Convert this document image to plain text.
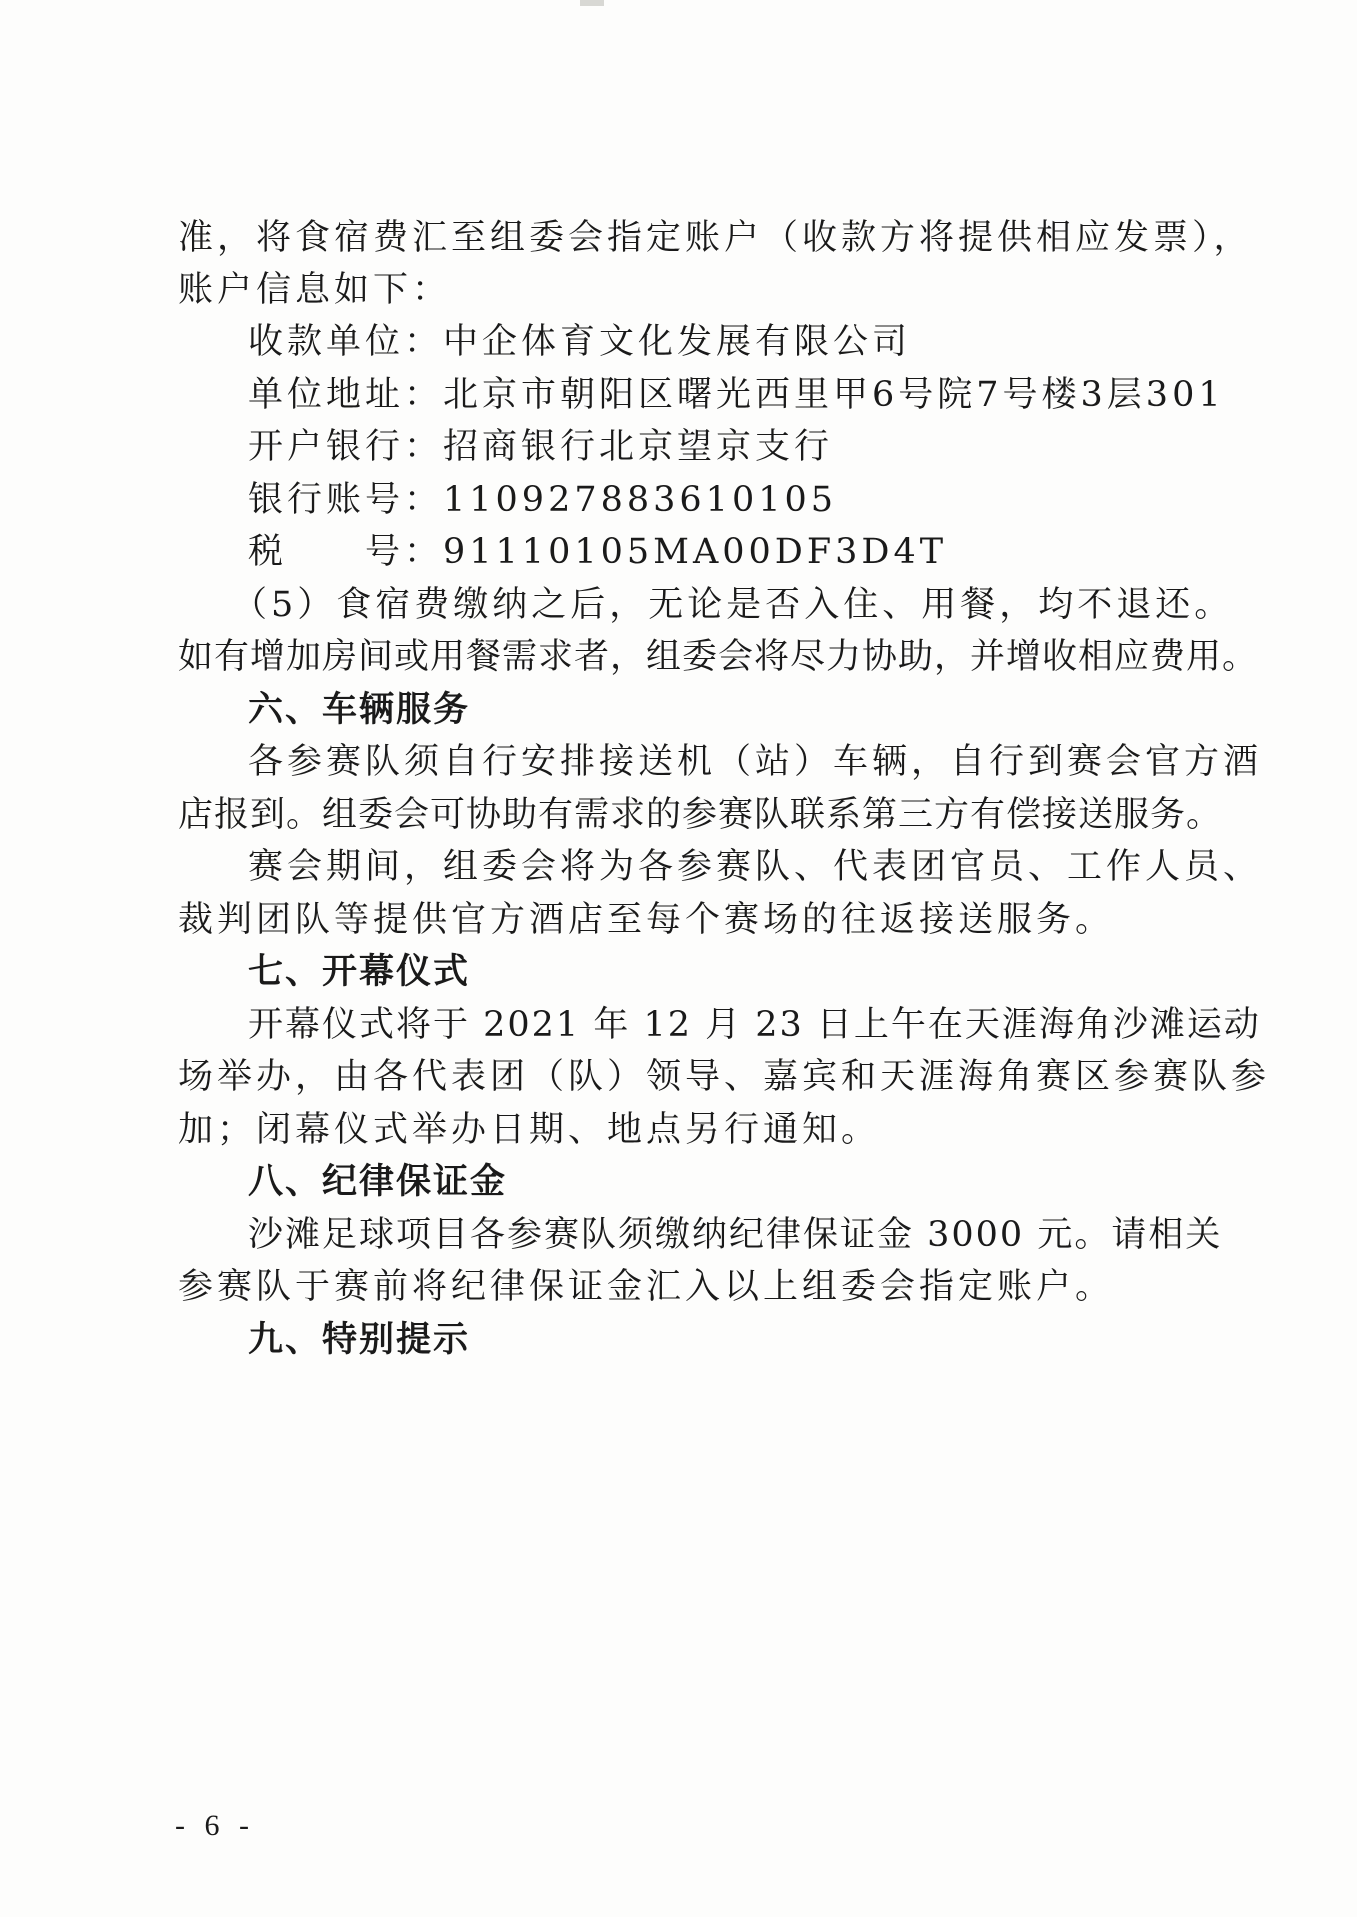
准，将食宿费汇至组委会指定账户（收款方将提供相应发票），
账户信息如下：
收款单位：中企体育文化发展有限公司
单位地址：北京市朝阳区曙光西里甲6号院7号楼3层301
开户银行：招商银行北京望京支行
银行账号：110927883610105
税　　号：91110105MA00DF3D4T
（5）食宿费缴纳之后，无论是否入住、用餐，均不退还。
如有增加房间或用餐需求者，组委会将尽力协助，并增收相应费用。
六、车辆服务
各参赛队须自行安排接送机（站）车辆，自行到赛会官方酒
店报到。组委会可协助有需求的参赛队联系第三方有偿接送服务。
赛会期间，组委会将为各参赛队、代表团官员、工作人员、
裁判团队等提供官方酒店至每个赛场的往返接送服务。
七、开幕仪式
开幕仪式将于 2021 年 12 月 23 日上午在天涯海角沙滩运动
场举办，由各代表团（队）领导、嘉宾和天涯海角赛区参赛队参
加；闭幕仪式举办日期、地点另行通知。
八、纪律保证金
沙滩足球项目各参赛队须缴纳纪律保证金 3000 元。请相关
参赛队于赛前将纪律保证金汇入以上组委会指定账户。
九、特别提示
- 6 -
